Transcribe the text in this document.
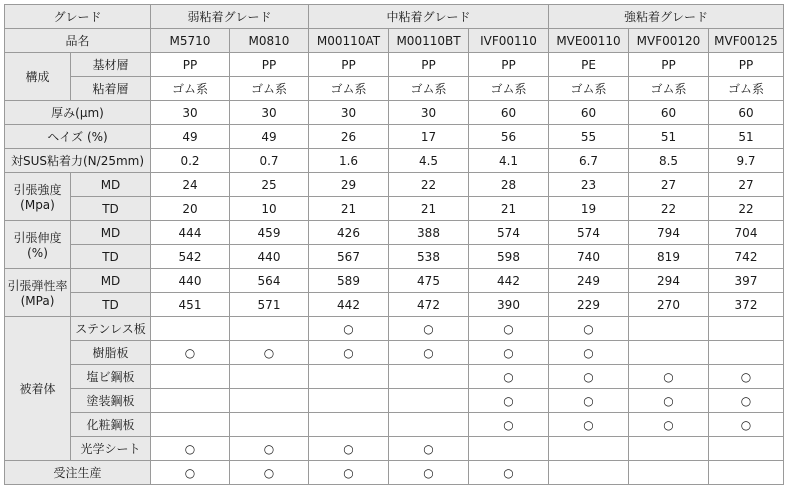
グレード		弱粘着グレード		中粘着グレード			強粘着グレード		
品名		M5710	M0810	M00110AT	M00110BT	IVF00110	MVE00110	MVF00120	MVF00125
構成	基材層	PP	PP	PP	PP	PP	PE	PP	PP
	粘着層	ゴム系	ゴム系	ゴム系	ゴム系	ゴム系	ゴム系	ゴム系	ゴム系
厚み(μm)		30	30	30	30	60	60	60	60
ヘイズ (%)		49	49	26	17	56	55	51	51
対SUS粘着力(N/25mm)		0.2	0.7	1.6	4.5	4.1	6.7	8.5	9.7

引張強度
(Mpa)	MD	24	25	29	22	28	23	27	27
	TD	20	10	21	21	21	19	22	22

引張伸度
(%)	MD	444	459	426	388	574	574	794	704
	TD	542	440	567	538	598	740	819	742

引張弾性率
(MPa)	MD	440	564	589	475	442	249	294	397
	TD	451	571	442	472	390	229	270	372
被着体	ステンレス板			○	○	○	○		
	樹脂板	○	○	○	○	○	○		
	塩ビ鋼板					○	○	○	○
	塗装鋼板					○	○	○	○
	化粧鋼板					○	○	○	○
	光学シート	○	○	○	○				
受注生産		○	○	○	○	○			
